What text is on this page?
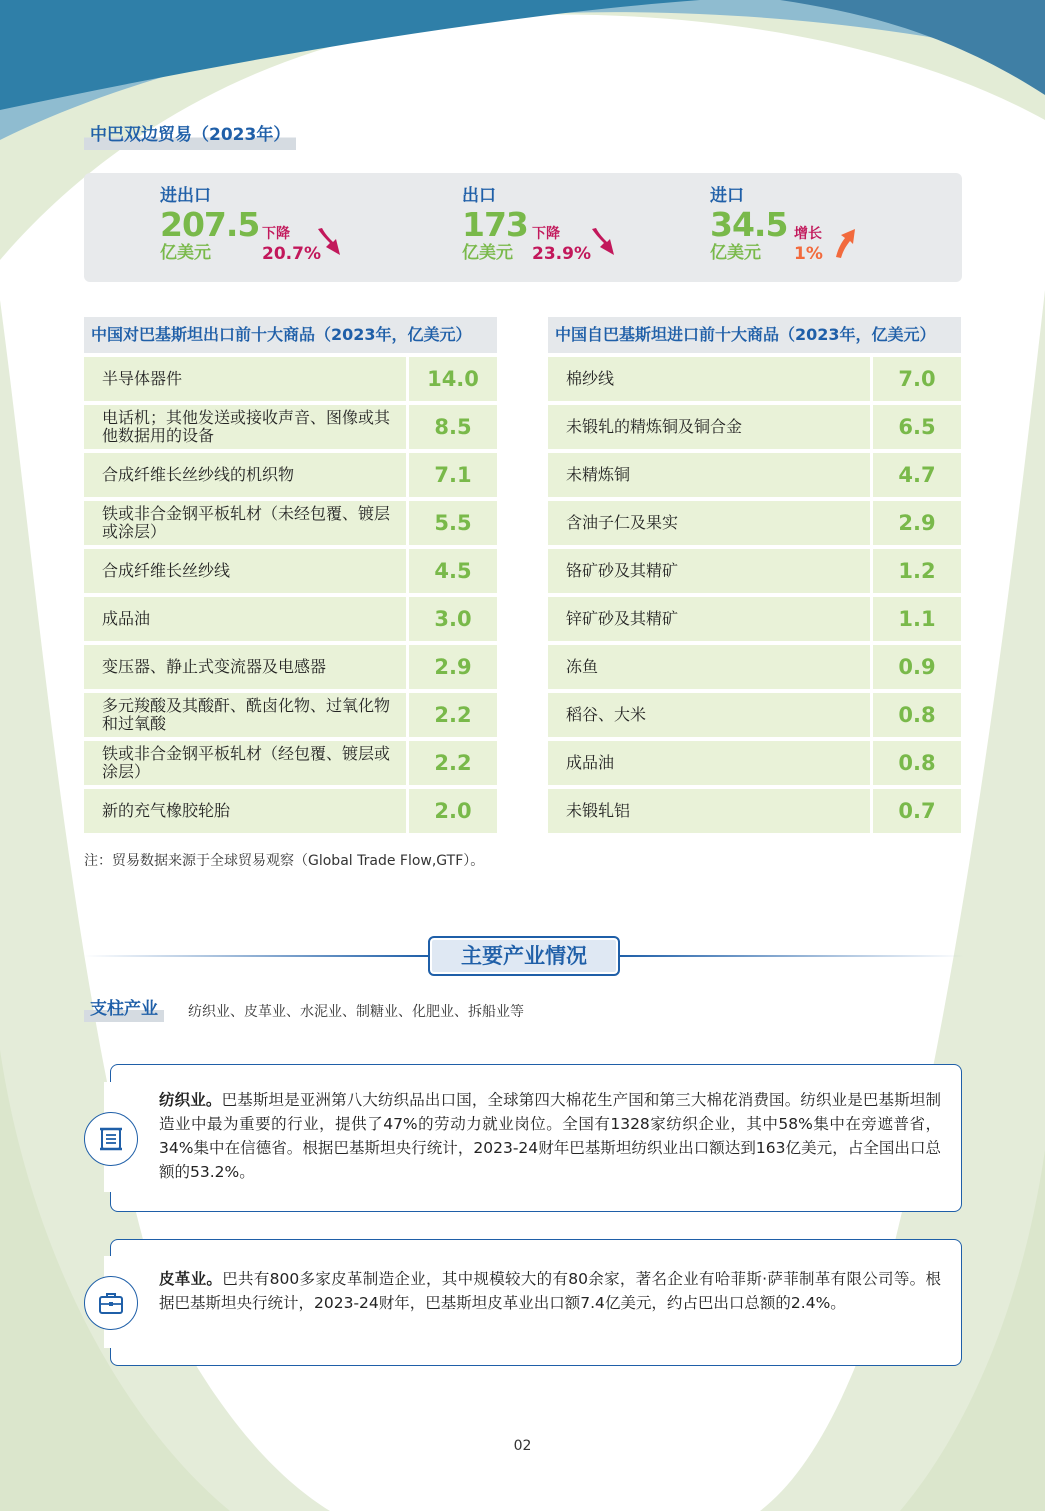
中巴双边贸易（2023年）
进出口
207.5
亿美元
下降
20.7%
出口
173
亿美元
下降
23.9%
进口
34.5
亿美元
增长
1%
中国对巴基斯坦出口前十大商品（2023年，亿美元）
半导体器件	14.0
电话机；其他发送或接收声音、图像或其他数据用的设备	8.5
合成纤维长丝纱线的机织物	7.1
铁或非合金钢平板轧材（未经包覆、镀层或涂层）	5.5
合成纤维长丝纱线	4.5
成品油	3.0
变压器、静止式变流器及电感器	2.9
多元羧酸及其酸酐、酰卤化物、过氧化物和过氧酸	2.2
铁或非合金钢平板轧材（经包覆、镀层或涂层）	2.2
新的充气橡胶轮胎	2.0
中国自巴基斯坦进口前十大商品（2023年，亿美元）
棉纱线	7.0
未锻轧的精炼铜及铜合金	6.5
未精炼铜	4.7
含油子仁及果实	2.9
铬矿砂及其精矿	1.2
锌矿砂及其精矿	1.1
冻鱼	0.9
稻谷、大米	0.8
成品油	0.8
未锻轧铝	0.7
注：贸易数据来源于全球贸易观察（Global Trade Flow,GTF）。
主要产业情况
支柱产业	纺织业、皮革业、水泥业、制糖业、化肥业、拆船业等
纺织业。巴基斯坦是亚洲第八大纺织品出口国，全球第四大棉花生产国和第三大棉花消费国。纺织业是巴基斯坦制造业中最为重要的行业，提供了47%的劳动力就业岗位。全国有1328家纺织企业，其中58%集中在旁遮普省，34%集中在信德省。根据巴基斯坦央行统计，2023-24财年巴基斯坦纺织业出口额达到163亿美元，占全国出口总额的53.2%。
皮革业。巴共有800多家皮革制造企业，其中规模较大的有80余家，著名企业有哈菲斯·萨菲制革有限公司等。根据巴基斯坦央行统计，2023-24财年，巴基斯坦皮革业出口额7.4亿美元，约占巴出口总额的2.4%。
02
